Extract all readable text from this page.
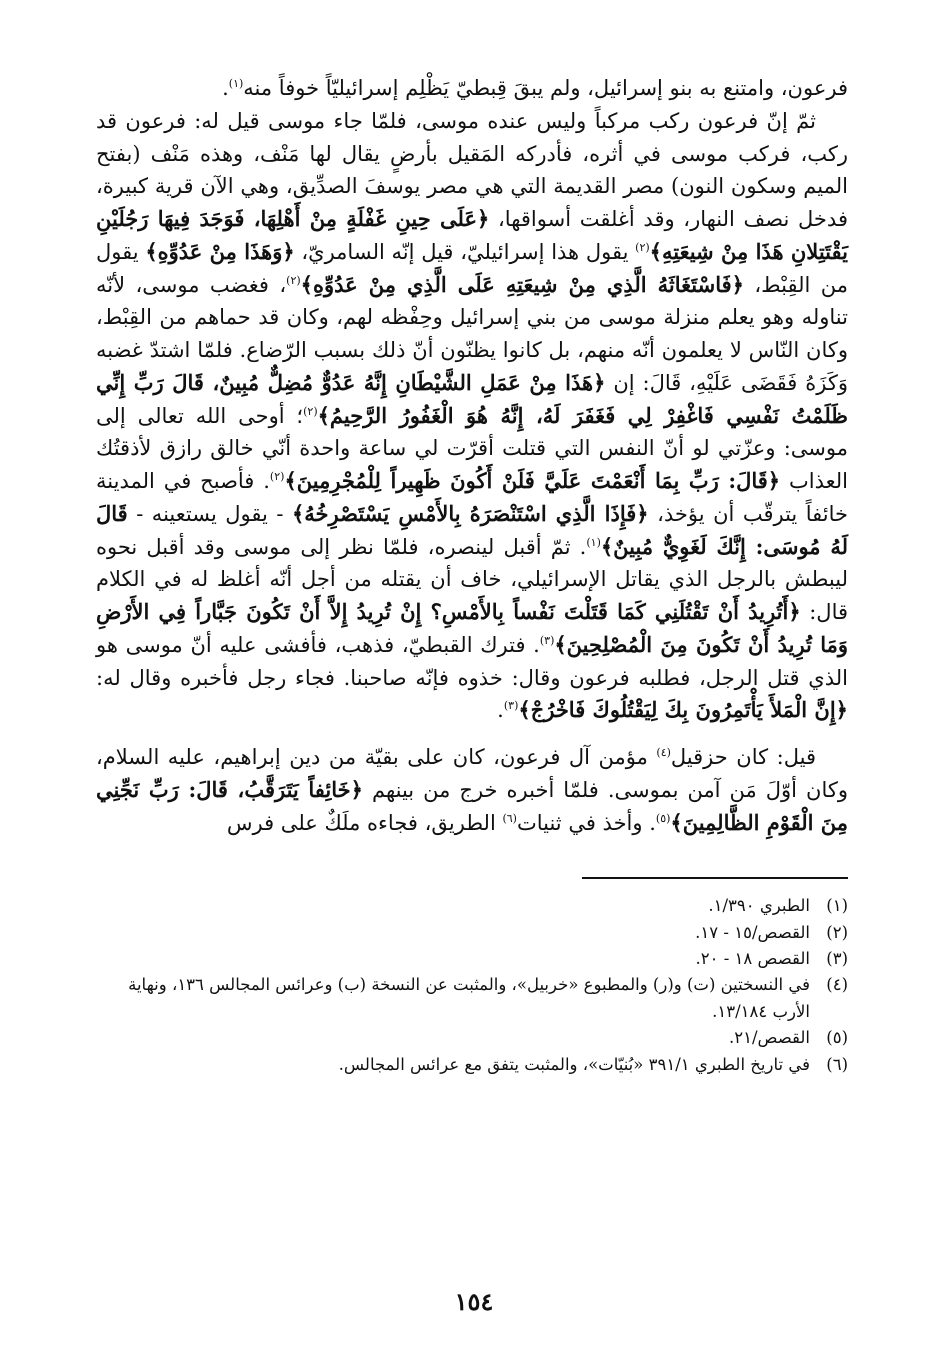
فرعون، وامتنع به بنو إسرائيل، ولم يبقَ قِبطيّ يَظْلِم إسرائيليّاً خوفاً منه$^{(١)}$.

ثمّ إنّ فرعون ركب مركباً وليس عنده موسى، فلمّا جاء موسى قيل له: فرعون قد ركب، فركب موسى في أثره، فأدركه المَقيل بأرضٍ يقال لها مَنْف، وهذه مَنْف (بفتح الميم وسكون النون) مصر القديمة التي هي مصر يوسفَ الصدِّيق، وهي الآن قرية كبيرة، فدخل نصف النهار، وقد أغلقت أسواقها، ﴿عَلَى حِينِ غَفْلَةٍ مِنْ أَهْلِهَا، فَوَجَدَ فِيهَا رَجُلَيْنِ يَقْتَتِلانِ هَذَا مِنْ شِيعَتِهِ﴾$^{(٢)}$ يقول هذا إسرائيليّ، قيل إنّه السامريّ، ﴿وَهَذَا مِنْ عَدُوِّهِ﴾ يقول من القِبْط، ﴿فَاسْتَغَاثَهُ الَّذِي مِنْ شِيعَتِهِ عَلَى الَّذِي مِنْ عَدُوِّهِ﴾$^{(٢)}$، فغضب موسى، لأنّه تناوله وهو يعلم منزلة موسى من بني إسرائيل وحِفْظه لهم، وكان قد حماهم من القِبْط، وكان النّاس لا يعلمون أنّه منهم، بل كانوا يظنّون أنّ ذلك بسبب الرّضاع. فلمّا اشتدّ غضبه وَكَزَهُ فَقَضَى عَلَيْهِ، قَالَ: إن ﴿هَذَا مِنْ عَمَلِ الشَّيْطَانِ إِنَّهُ عَدُوٌّ مُضِلٌّ مُبِينٌ، قَالَ رَبِّ إِنِّي ظَلَمْتُ نَفْسِي فَاغْفِرْ لِي فَغَفَرَ لَهُ، إِنَّهُ هُوَ الْغَفُورُ الرَّحِيمُ﴾$^{(٢)}$؛ أوحى الله تعالى إلى موسى: وعزّتي لو أنّ النفس التي قتلت أقرّت لي ساعة واحدة أنّي خالق رازق لأذقتُك العذاب ﴿قَالَ: رَبِّ بِمَا أَنْعَمْتَ عَلَيَّ فَلَنْ أَكُونَ ظَهِيراً لِلْمُجْرِمِينَ﴾$^{(٢)}$. فأصبح في المدينة خائفاً يترقّب أن يؤخذ، ﴿فَإِذَا الَّذِي اسْتَنْصَرَهُ بِالأَمْسِ يَسْتَصْرِخُهُ﴾ - يقول يستعينه - قَالَ لَهُ مُوسَى: إِنَّكَ لَغَوِيٌّ مُبِينٌ﴾$^{(١)}$. ثمّ أقبل لينصره، فلمّا نظر إلى موسى وقد أقبل نحوه ليبطش بالرجل الذي يقاتل الإسرائيلي، خاف أن يقتله من أجل أنّه أغلظ له في الكلام قال: ﴿أَتُرِيدُ أَنْ تَقْتُلَنِي كَمَا قَتَلْتَ نَفْساً بِالأَمْسِ؟ إِنْ تُرِيدُ إِلاَّ أَنْ تَكُونَ جَبَّاراً فِي الأَرْضِ وَمَا تُرِيدُ أَنْ تَكُونَ مِنَ الْمُصْلِحِينَ﴾$^{(٣)}$. فترك القبطيّ، فذهب، فأفشى عليه أنّ موسى هو الذي قتل الرجل، فطلبه فرعون وقال: خذوه فإنّه صاحبنا. فجاء رجل فأخبره وقال له: ﴿إِنَّ الْمَلأَ يَأْتَمِرُونَ بِكَ لِيَقْتُلُوكَ فَاخْرُجْ﴾$^{(٣)}$.

قيل: كان حزقيل$^{(٤)}$ مؤمن آل فرعون، كان على بقيّة من دين إبراهيم، عليه السلام، وكان أوّلَ مَن آمن بموسى. فلمّا أخبره خرج من بينهم ﴿خَائِفاً يَتَرَقَّبُ، قَالَ: رَبِّ نَجِّنِي مِنَ الْقَوْمِ الظَّالِمِينَ﴾$^{(٥)}$. وأخذ في ثنيات$^{(٦)}$ الطريق، فجاءه ملَكٌ على فرس

(١)
الطبري ١/٣٩٠.
(٢)
القصص/١٥ - ١٧.
(٣)
القصص ١٨ - ٢٠.
(٤)
في النسختين (ت) و(ر) والمطبوع «خربيل»، والمثبت عن النسخة (ب) وعرائس المجالس ١٣٦، ونهاية الأرب ١٣/١٨٤.
(٥)
القصص/٢١.
(٦)
في تاريخ الطبري ٣٩١/١ «بُنيّات»، والمثبت يتفق مع عرائس المجالس.
١٥٤
